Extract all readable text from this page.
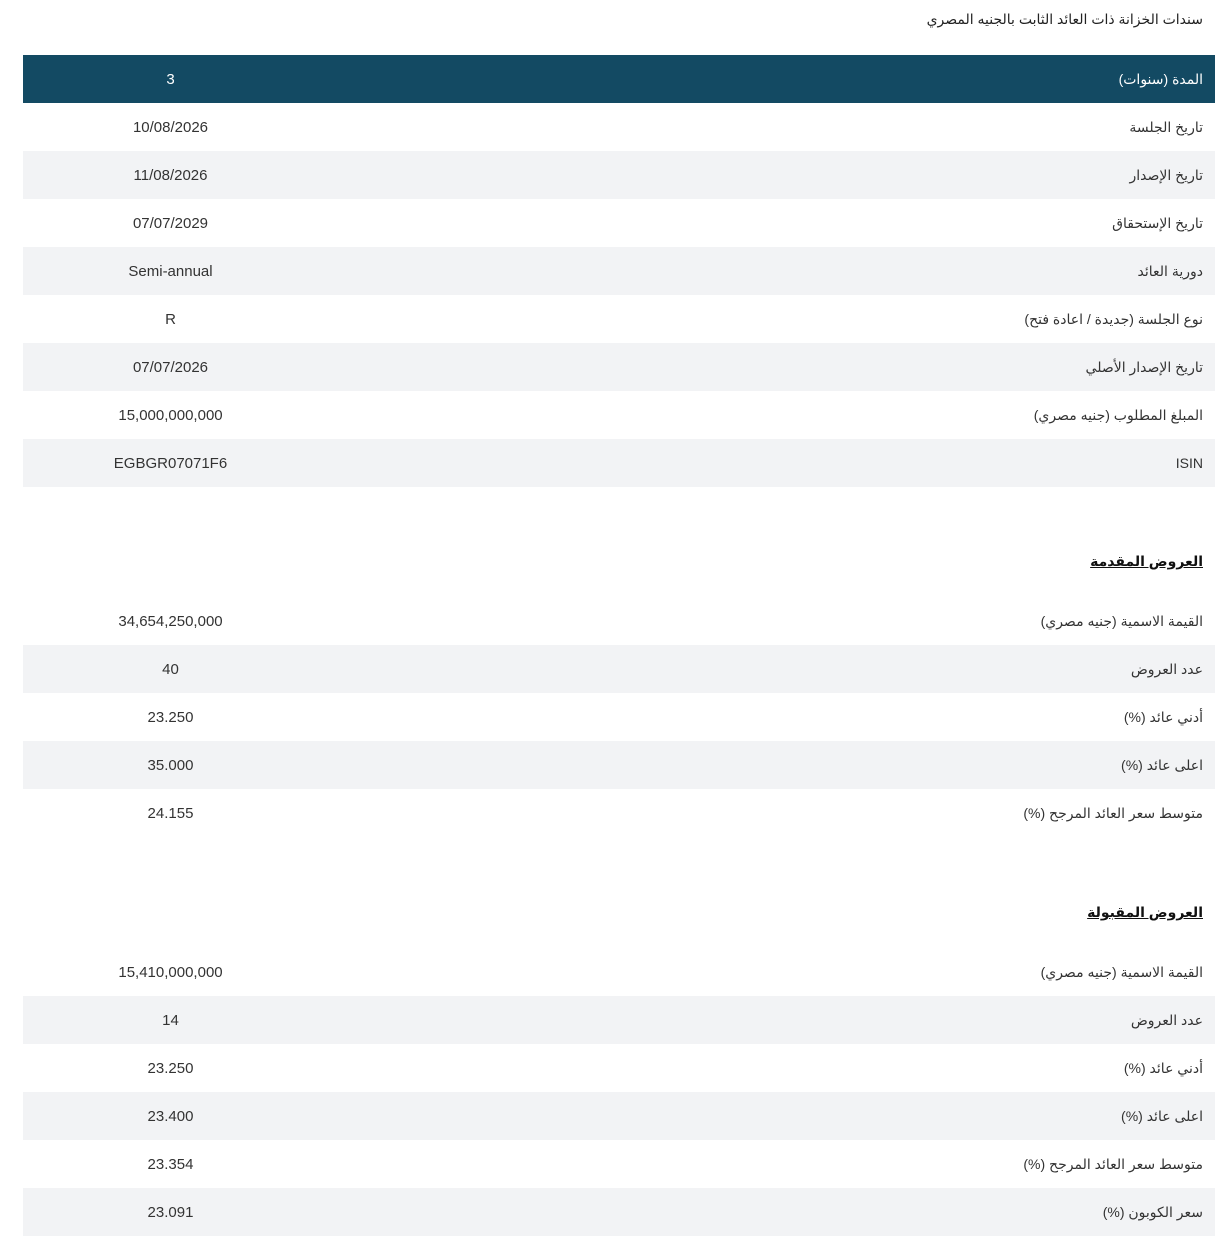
سندات الخزانة ذات العائد الثابت بالجنيه المصري
3	المدة (سنوات)
10/08/2026	تاريخ الجلسة
11/08/2026	تاريخ الإصدار
07/07/2029	تاريخ الإستحقاق
Semi-annual	دورية العائد
R	نوع الجلسة (جديدة / اعادة فتح)
07/07/2026	تاريخ الإصدار الأصلي
15,000,000,000	المبلغ المطلوب (جنيه مصري)
EGBGR07071F6	ISIN
العروض المقدمة
34,654,250,000	القيمة الاسمية (جنيه مصري)
40	عدد العروض
23.250	أدني عائد (%)
35.000	اعلى عائد (%)
24.155	متوسط سعر العائد المرجح (%)
العروض المقبولة
15,410,000,000	القيمة الاسمية (جنيه مصري)
14	عدد العروض
23.250	أدني عائد (%)
23.400	اعلى عائد (%)
23.354	متوسط سعر العائد المرجح (%)
23.091	سعر الكوبون (%)
